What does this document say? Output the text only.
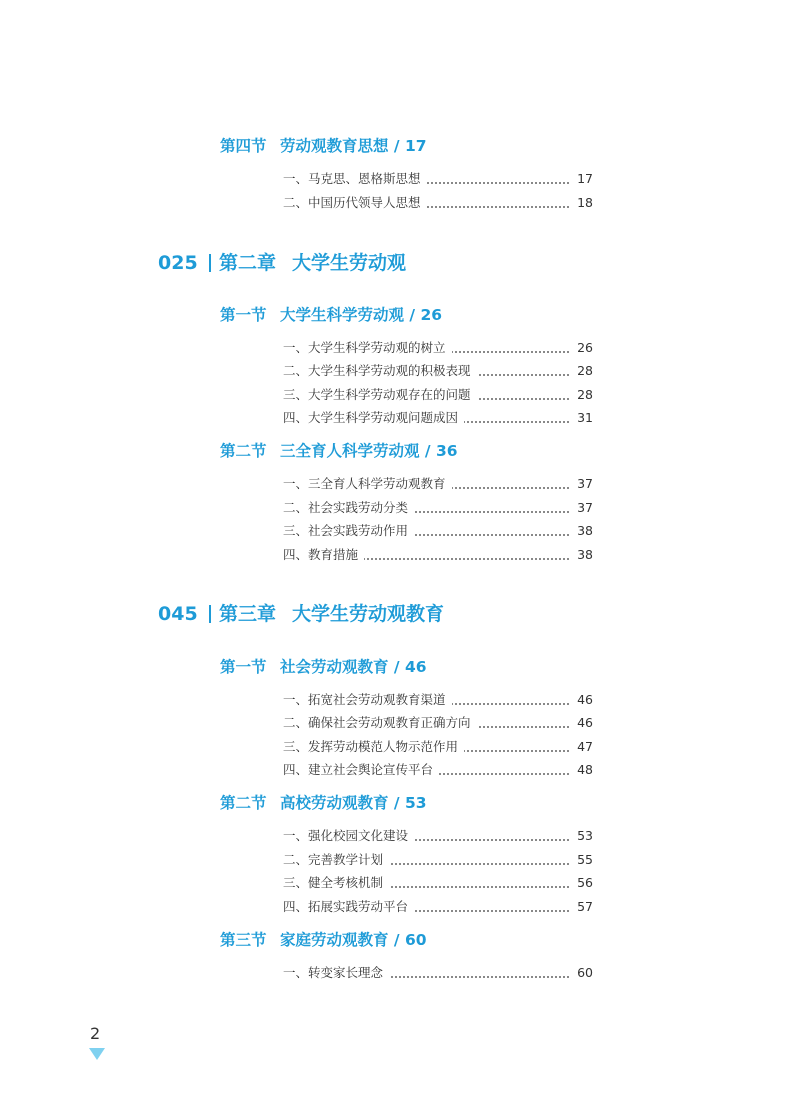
第四节 劳动观教育思想 / 17
一、马克思、恩格斯思想	17
二、中国历代领导人思想	18
025 第二章 大学生劳动观
第一节 大学生科学劳动观 / 26
一、大学生科学劳动观的树立	26
二、大学生科学劳动观的积极表现	28
三、大学生科学劳动观存在的问题	28
四、大学生科学劳动观问题成因	31
第二节 三全育人科学劳动观 / 36
一、三全育人科学劳动观教育	37
二、社会实践劳动分类	37
三、社会实践劳动作用	38
四、教育措施	38
045 第三章 大学生劳动观教育
第一节 社会劳动观教育 / 46
一、拓宽社会劳动观教育渠道	46
二、确保社会劳动观教育正确方向	46
三、发挥劳动模范人物示范作用	47
四、建立社会舆论宣传平台	48
第二节 高校劳动观教育 / 53
一、强化校园文化建设	53
二、完善教学计划	55
三、健全考核机制	56
四、拓展实践劳动平台	57
第三节 家庭劳动观教育 / 60
一、转变家长理念	60
2
